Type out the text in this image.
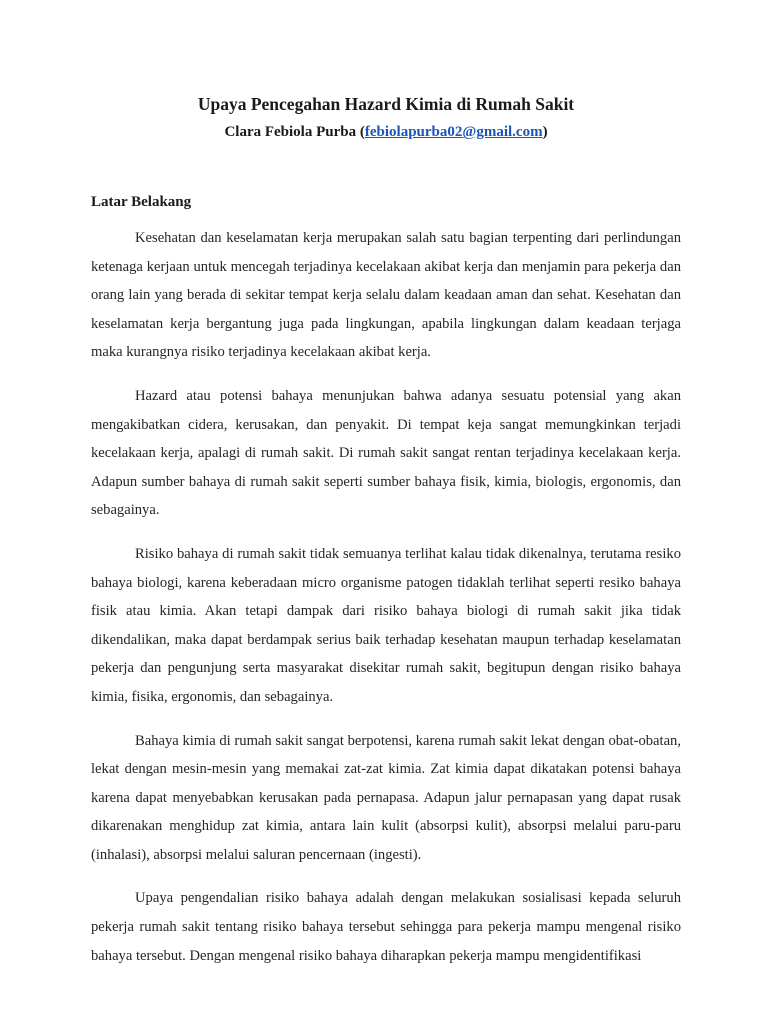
Upaya Pencegahan Hazard Kimia di Rumah Sakit

Clara Febiola Purba (febiolapurba02@gmail.com)

Latar Belakang

Kesehatan dan keselamatan kerja merupakan salah satu bagian terpenting dari perlindungan ketenaga kerjaan untuk mencegah terjadinya kecelakaan akibat kerja dan menjamin para pekerja dan orang lain yang berada di sekitar tempat kerja selalu dalam keadaan aman dan sehat. Kesehatan dan keselamatan kerja bergantung juga pada lingkungan, apabila lingkungan dalam keadaan terjaga maka kurangnya risiko terjadinya kecelakaan akibat kerja.

Hazard atau potensi bahaya menunjukan bahwa adanya sesuatu potensial yang akan mengakibatkan cidera, kerusakan, dan penyakit. Di tempat keja sangat memungkinkan terjadi kecelakaan kerja, apalagi di rumah sakit. Di rumah sakit sangat rentan terjadinya kecelakaan kerja. Adapun sumber bahaya di rumah sakit seperti sumber bahaya fisik, kimia, biologis, ergonomis, dan sebagainya.

Risiko bahaya di rumah sakit tidak semuanya terlihat kalau tidak dikenalnya, terutama resiko bahaya biologi, karena keberadaan micro organisme patogen tidaklah terlihat seperti resiko bahaya fisik atau kimia. Akan tetapi dampak dari risiko bahaya biologi di rumah sakit jika tidak dikendalikan, maka dapat berdampak serius baik terhadap kesehatan maupun terhadap keselamatan pekerja dan pengunjung serta masyarakat disekitar rumah sakit, begitupun dengan risiko bahaya kimia, fisika, ergonomis, dan sebagainya.

Bahaya kimia di rumah sakit sangat berpotensi, karena rumah sakit lekat dengan obat-obatan, lekat dengan mesin-mesin yang memakai zat-zat kimia. Zat kimia dapat dikatakan potensi bahaya karena dapat menyebabkan kerusakan pada pernapasa. Adapun jalur pernapasan yang dapat rusak dikarenakan menghidup zat kimia, antara lain kulit (absorpsi kulit), absorpsi melalui paru-paru (inhalasi), absorpsi melalui saluran pencernaan (ingesti).

Upaya pengendalian risiko bahaya adalah dengan melakukan sosialisasi kepada seluruh pekerja rumah sakit tentang risiko bahaya tersebut sehingga para pekerja mampu mengenal risiko bahaya tersebut. Dengan mengenal risiko bahaya diharapkan pekerja mampu mengidentifikasi
